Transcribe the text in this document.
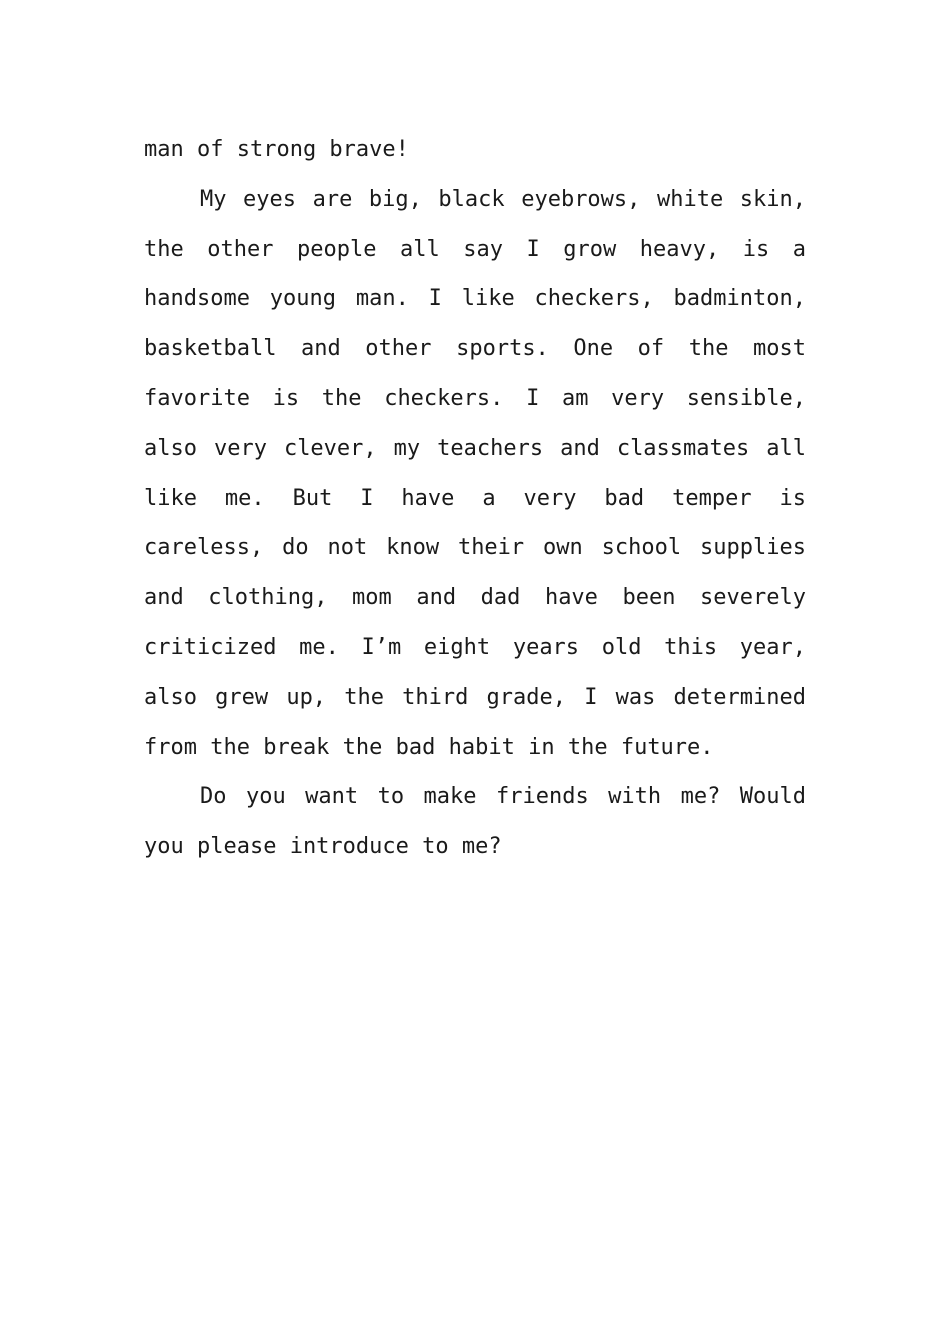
man of strong brave!

My eyes are big, black eyebrows, white skin, the other people all say I grow heavy, is a handsome young man. I like checkers, badminton, basketball and other sports. One of the most favorite is the checkers. I am very sensible, also very clever, my teachers and classmates all like me. But I have a very bad temper is careless, do not know their own school supplies and clothing, mom and dad have been severely criticized me. I’m eight years old this year, also grew up, the third grade, I was determined from the break the bad habit in the future.

Do you want to make friends with me? Would you please introduce to me?
